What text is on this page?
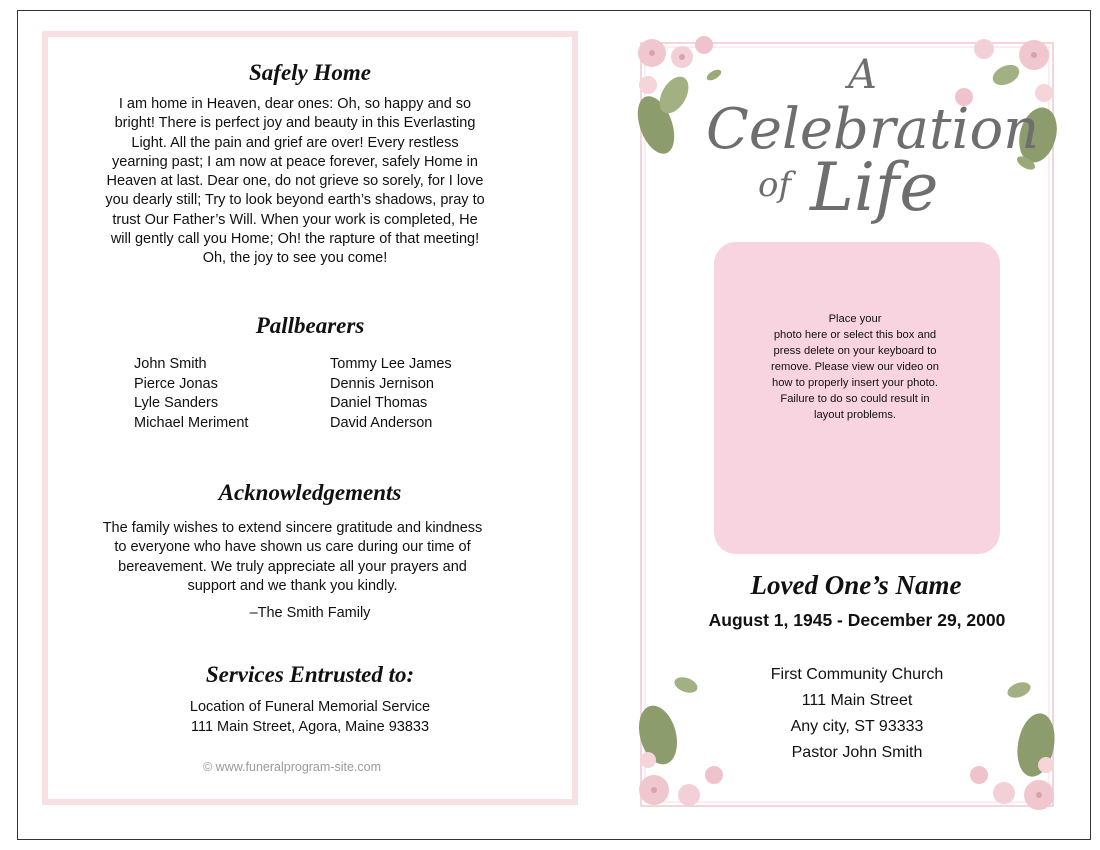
Safely Home
I am home in Heaven, dear ones: Oh, so happy and so
bright! There is perfect joy and beauty in this Everlasting
Light. All the pain and grief are over! Every restless
yearning past; I am now at peace forever, safely Home in
Heaven at last. Dear one, do not grieve so sorely, for I love
you dearly still; Try to look beyond earth’s shadows, pray to
trust Our Father’s Will. When your work is completed, He
will gently call you Home; Oh! the rapture of that meeting!
Oh, the joy to see you come!
Pallbearers
John Smith
Pierce Jonas
Lyle Sanders
Michael Meriment
Tommy Lee James
Dennis Jernison
Daniel Thomas
David Anderson
Acknowledgements
The family wishes to extend sincere gratitude and kindness
to everyone who have shown us care during our time of
bereavement. We truly appreciate all your prayers and
support and we thank you kindly.
–The Smith Family
Services Entrusted to:
Location of Funeral Memorial Service
111 Main Street, Agora, Maine 93833
© www.funeralprogram-site.com
A
Celebration
of Life
Place your
photo here or select this box and
press delete on your keyboard to
remove. Please view our video on
how to properly insert your photo.
Failure to do so could result in
layout problems.
Loved One’s Name
August 1, 1945 - December 29, 2000
First Community Church
111 Main Street
Any city, ST 93333
Pastor John Smith
